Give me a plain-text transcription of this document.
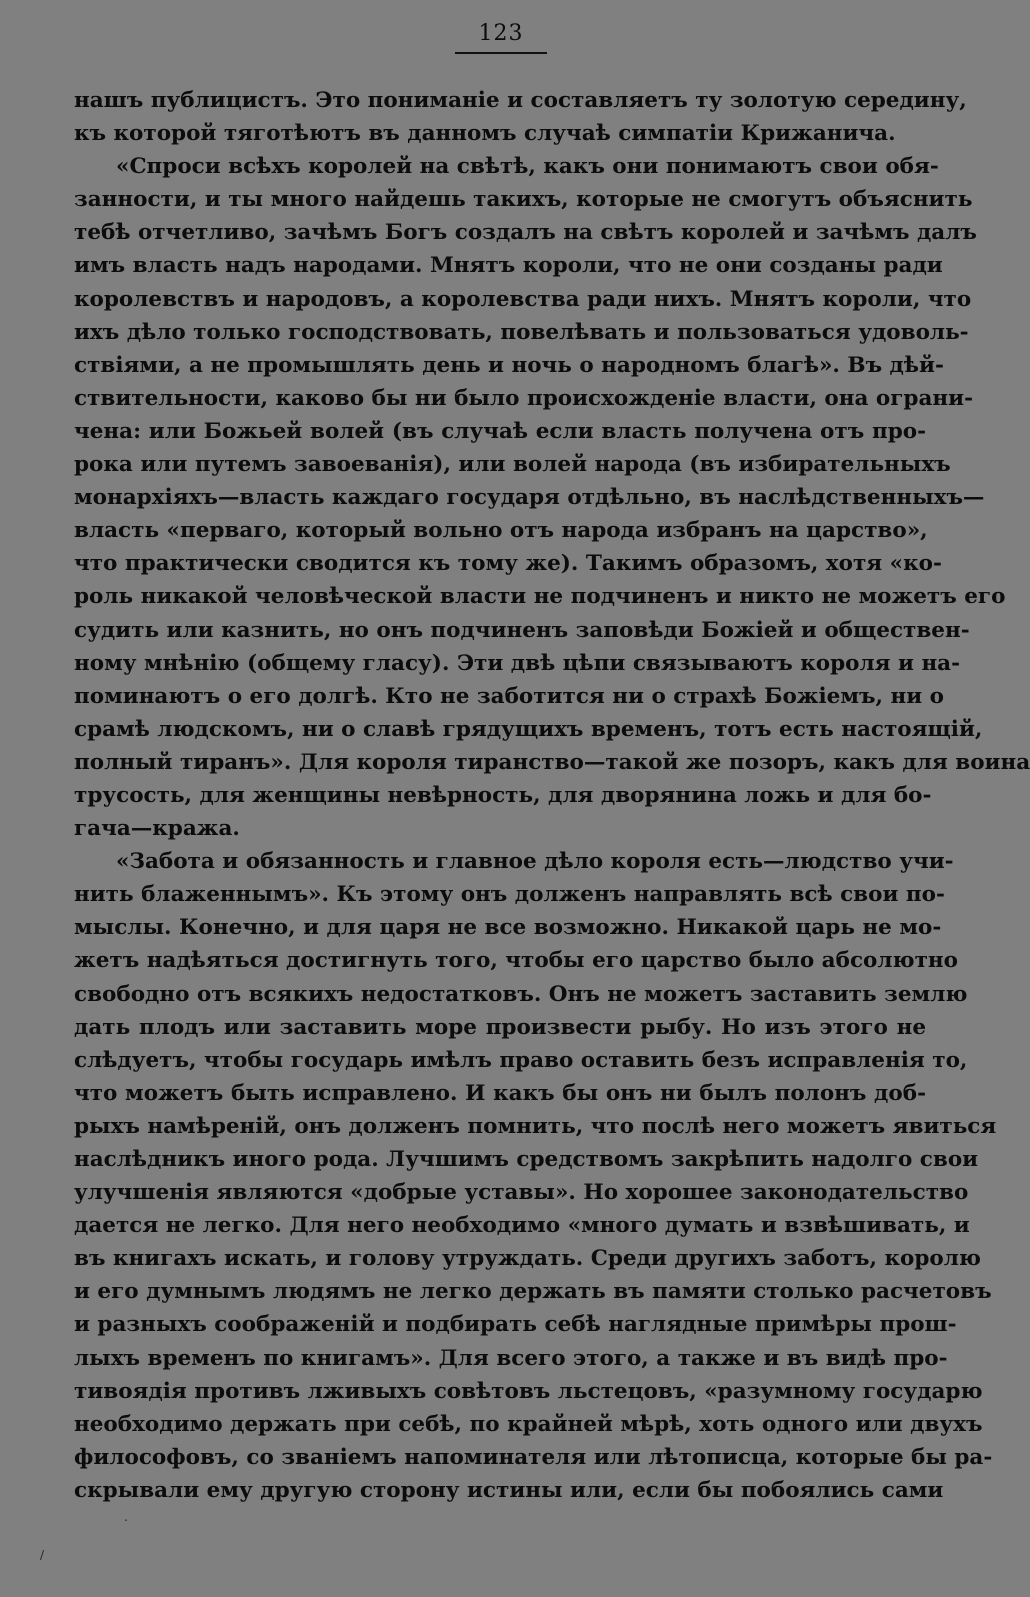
123
нашъ публицистъ. Это пониманіе и составляетъ ту золотую середину,
къ которой тяготѣютъ въ данномъ случаѣ симпатіи Крижанича.
«Спроси всѣхъ королей на свѣтѣ, какъ они понимаютъ свои обя-
занности, и ты много найдешь такихъ, которые не смогутъ объяснить
тебѣ отчетливо, зачѣмъ Богъ создалъ на свѣтъ королей и зачѣмъ далъ
имъ власть надъ народами. Мнятъ короли, что не они созданы ради
королевствъ и народовъ, а королевства ради нихъ. Мнятъ короли, что
ихъ дѣло только господствовать, повелѣвать и пользоваться удоволь-
ствіями, а не промышлять день и ночь о народномъ благѣ». Въ дѣй-
ствительности, каково бы ни было происхожденіе власти, она ограни-
чена: или Божьей волей (въ случаѣ если власть получена отъ про-
рока или путемъ завоеванія), или волей народа (въ избирательныхъ
монархіяхъ—власть каждаго государя отдѣльно, въ наслѣдственныхъ—
власть «перваго, который вольно отъ народа избранъ на царство»,
что практически сводится къ тому же). Такимъ образомъ, хотя «ко-
роль никакой человѣческой власти не подчиненъ и никто не можетъ его
судить или казнить, но онъ подчиненъ заповѣди Божіей и обществен-
ному мнѣнію (общему гласу). Эти двѣ цѣпи связываютъ короля и на-
поминаютъ о его долгѣ. Кто не заботится ни о страхѣ Божіемъ, ни о
срамѣ людскомъ, ни о славѣ грядущихъ временъ, тотъ есть настоящій,
полный тиранъ». Для короля тиранство—такой же позоръ, какъ для воина
трусость, для женщины невѣрность, для дворянина ложь и для бо-
гача—кража.
«Забота и обязанность и главное дѣло короля есть—людство учи-
нить блаженнымъ». Къ этому онъ долженъ направлять всѣ свои по-
мыслы. Конечно, и для царя не все возможно. Никакой царь не мо-
жетъ надѣяться достигнуть того, чтобы его царство было абсолютно
свободно отъ всякихъ недостатковъ. Онъ не можетъ заставить землю
дать плодъ или заставить море произвести рыбу. Но изъ этого не
слѣдуетъ, чтобы государь имѣлъ право оставить безъ исправленія то,
что можетъ быть исправлено. И какъ бы онъ ни былъ полонъ доб-
рыхъ намѣреній, онъ долженъ помнить, что послѣ него можетъ явиться
наслѣдникъ иного рода. Лучшимъ средствомъ закрѣпить надолго свои
улучшенія являются «добрые уставы». Но хорошее законодательство
дается не легко. Для него необходимо «много думать и взвѣшивать, и
въ книгахъ искать, и голову утруждать. Среди другихъ заботъ, королю
и его думнымъ людямъ не легко держать въ памяти столько расчетовъ
и разныхъ соображеній и подбирать себѣ наглядные примѣры прош-
лыхъ временъ по книгамъ». Для всего этого, а также и въ видѣ про-
тивоядія противъ лживыхъ совѣтовъ льстецовъ, «разумному государю
необходимо держать при себѣ, по крайней мѣрѣ, хоть одного или двухъ
философовъ, со званіемъ напоминателя или лѣтописца, которые бы ра-
скрывали ему другую сторону истины или, если бы побоялись сами
.
/
